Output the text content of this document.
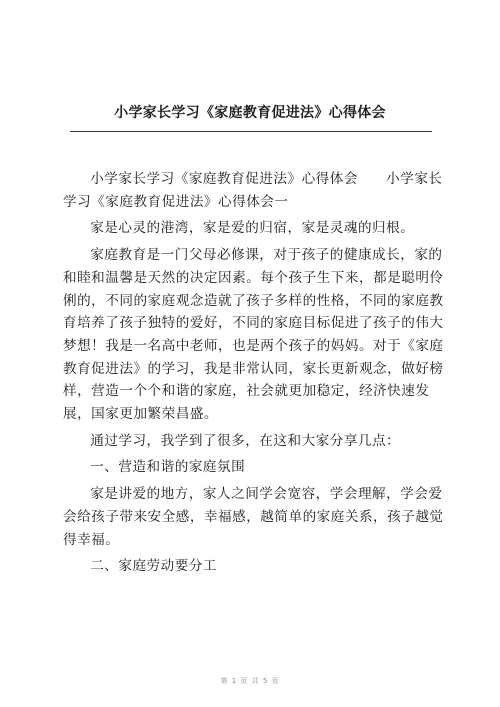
小学家长学习《家庭教育促进法》心得体会

小学家长学习《家庭教育促进法》心得体会　　小学家长学习《家庭教育促进法》心得体会一

家是心灵的港湾，家是爱的归宿，家是灵魂的归根。

家庭教育是一门父母必修课，对于孩子的健康成长，家的和睦和温馨是天然的决定因素。每个孩子生下来，都是聪明伶俐的，不同的家庭观念造就了孩子多样的性格，不同的家庭教育培养了孩子独特的爱好，不同的家庭目标促进了孩子的伟大梦想！我是一名高中老师，也是两个孩子的妈妈。对于《家庭教育促进法》的学习，我是非常认同，家长更新观念，做好榜样，营造一个个和谐的家庭，社会就更加稳定，经济快速发展，国家更加繁荣昌盛。

通过学习，我学到了很多，在这和大家分享几点：

一、营造和谐的家庭氛围

家是讲爱的地方，家人之间学会宽容，学会理解，学会爱会给孩子带来安全感，幸福感，越简单的家庭关系，孩子越觉得幸福。

二、家庭劳动要分工

第 1 页 共 5 页
